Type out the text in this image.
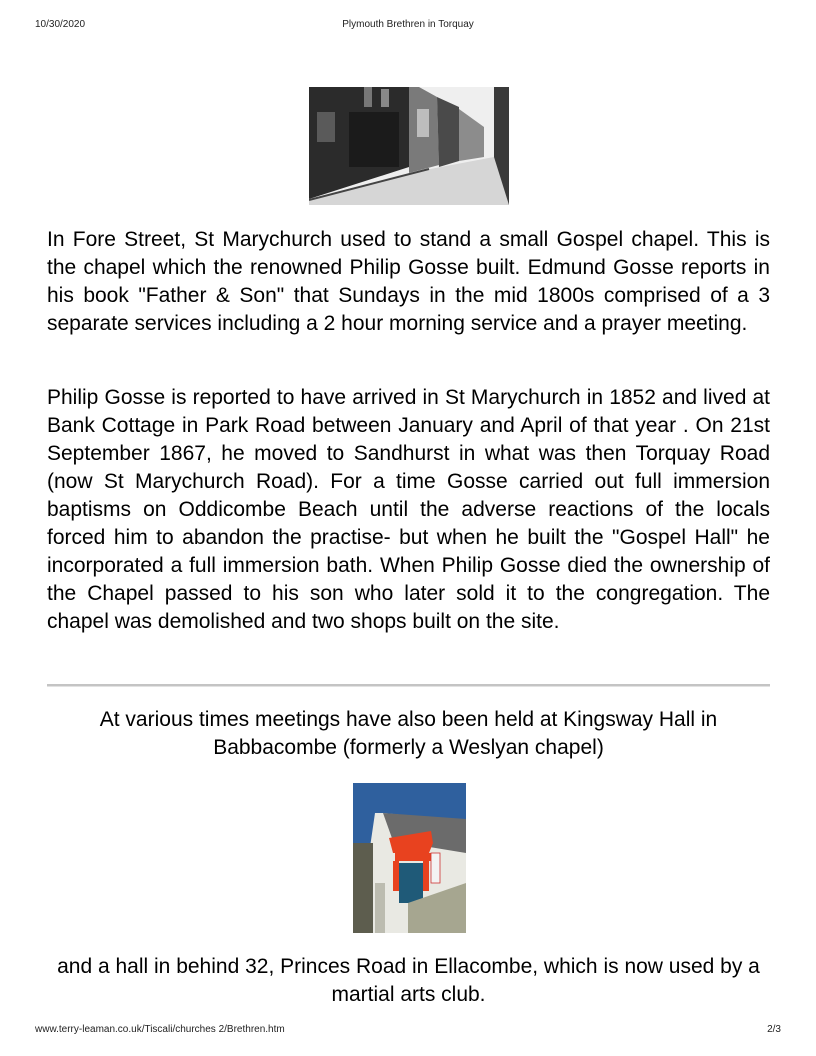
10/30/2020	Plymouth Brethren in Torquay
In Fore Street, St Marychurch used to stand a small Gospel chapel. This is the chapel which the renowned Philip Gosse built. Edmund Gosse reports in his book "Father & Son" that Sundays in the mid 1800s comprised of a 3 separate services including a 2 hour morning service and a prayer meeting.
Philip Gosse is reported to have arrived in St Marychurch in 1852 and lived at Bank Cottage in Park Road between January and April of that year . On 21st September 1867, he moved to Sandhurst in what was then Torquay Road (now St Marychurch Road). For a time Gosse carried out full immersion baptisms on Oddicombe Beach until the adverse reactions of the locals forced him to abandon the practise- but when he built the "Gospel Hall" he incorporated a full immersion bath. When Philip Gosse died the ownership of the Chapel passed to his son who later sold it to the congregation. The chapel was demolished and two shops built on the site.
At various times meetings have also been held at Kingsway Hall in Babbacombe (formerly a Weslyan chapel)
and a hall in behind 32, Princes Road in Ellacombe, which is now used by a martial arts club.
www.terry-leaman.co.uk/Tiscali/churches 2/Brethren.htm	2/3
